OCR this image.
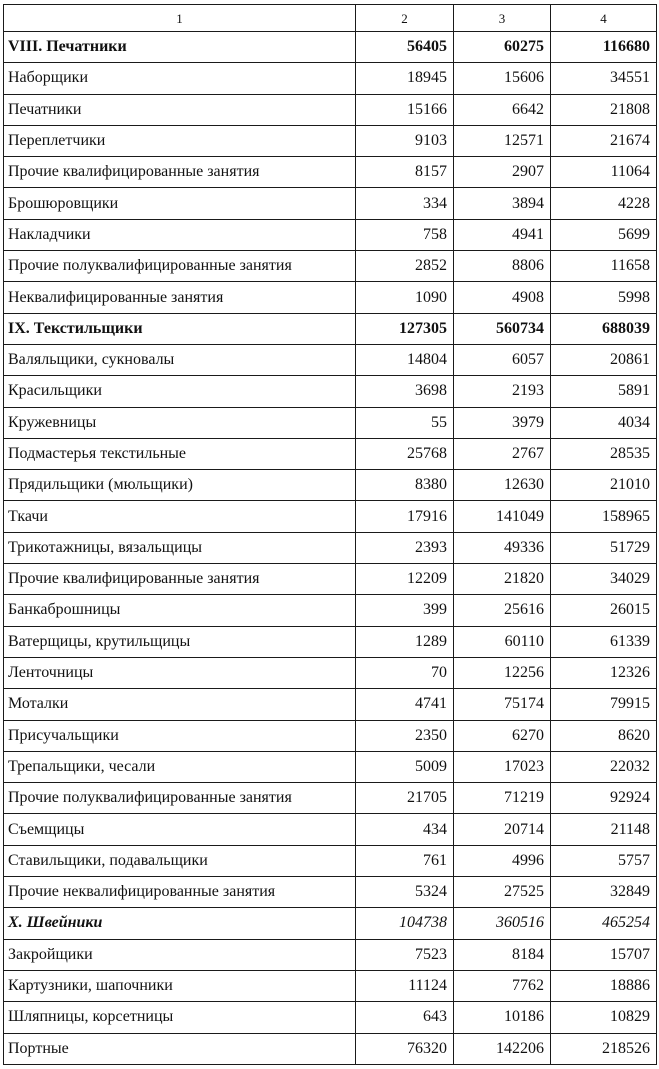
1	2	3	4
VIII. Печатники	56405	60275	116680
Наборщики	18945	15606	34551
Печатники	15166	6642	21808
Переплетчики	9103	12571	21674
Прочие квалифицированные занятия	8157	2907	11064
Брошюровщики	334	3894	4228
Накладчики	758	4941	5699
Прочие полуквалифицированные занятия	2852	8806	11658
Неквалифицированные занятия	1090	4908	5998
IX. Текстильщики	127305	560734	688039
Валяльщики, сукновалы	14804	6057	20861
Красильщики	3698	2193	5891
Кружевницы	55	3979	4034
Подмастерья текстильные	25768	2767	28535
Прядильщики (мюльщики)	8380	12630	21010
Ткачи	17916	141049	158965
Трикотажницы, вязальщицы	2393	49336	51729
Прочие квалифицированные занятия	12209	21820	34029
Банкаброшницы	399	25616	26015
Ватерщицы, крутильщицы	1289	60110	61339
Ленточницы	70	12256	12326
Моталки	4741	75174	79915
Присучальщики	2350	6270	8620
Трепальщики, чесали	5009	17023	22032
Прочие полуквалифицированные занятия	21705	71219	92924
Съемщицы	434	20714	21148
Ставильщики, подавальщики	761	4996	5757
Прочие неквалифицированные занятия	5324	27525	32849
X. Швейники	104738	360516	465254
Закройщики	7523	8184	15707
Картузники, шапочники	11124	7762	18886
Шляпницы, корсетницы	643	10186	10829
Портные	76320	142206	218526
